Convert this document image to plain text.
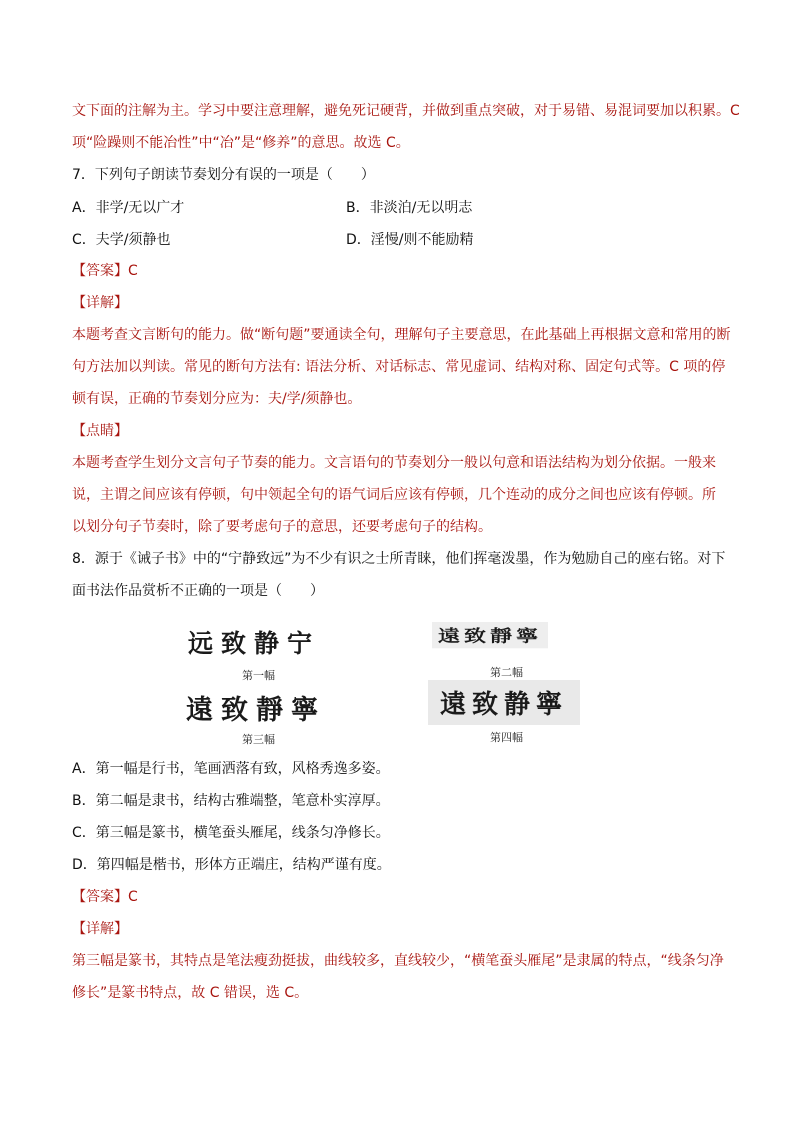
文下面的注解为主。学习中要注意理解，避免死记硬背，并做到重点突破，对于易错、易混词要加以积累。C
项“险躁则不能冶性”中“冶”是“修养”的意思。故选 C。
7．下列句子朗读节奏划分有误的一项是（　　）
A．非学/无以广才	B．非淡泊/无以明志
C．夫学/须静也	D．淫慢/则不能励精
【答案】C
【详解】
本题考查文言断句的能力。做“断句题”要通读全句，理解句子主要意思，在此基础上再根据文意和常用的断
句方法加以判读。常见的断句方法有: 语法分析、对话标志、常见虚词、结构对称、固定句式等。C 项的停
顿有误，正确的节奏划分应为：夫/学/须静也。
【点睛】
本题考查学生划分文言句子节奏的能力。文言语句的节奏划分一般以句意和语法结构为划分依据。一般来
说，主谓之间应该有停顿，句中领起全句的语气词后应该有停顿，几个连动的成分之间也应该有停顿。所
以划分句子节奏时，除了要考虑句子的意思，还要考虑句子的结构。
8．源于《诫子书》中的“宁静致远”为不少有识之士所青睐，他们挥毫泼墨，作为勉励自己的座右铭。对下
面书法作品赏析不正确的一项是（　　）
远致静宁
第一幅
遠致靜寧
第二幅
遠致靜寧
第三幅
遠致静寧
第四幅
A．第一幅是行书，笔画洒落有致，风格秀逸多姿。
B．第二幅是隶书，结构古雅端整，笔意朴实淳厚。
C．第三幅是篆书，横笔蚕头雁尾，线条匀净修长。
D．第四幅是楷书，形体方正端庄，结构严谨有度。
【答案】C
【详解】
第三幅是篆书，其特点是笔法瘦劲挺拔，曲线较多，直线较少，“横笔蚕头雁尾”是隶属的特点，“线条匀净
修长”是篆书特点，故 C 错误，选 C。
